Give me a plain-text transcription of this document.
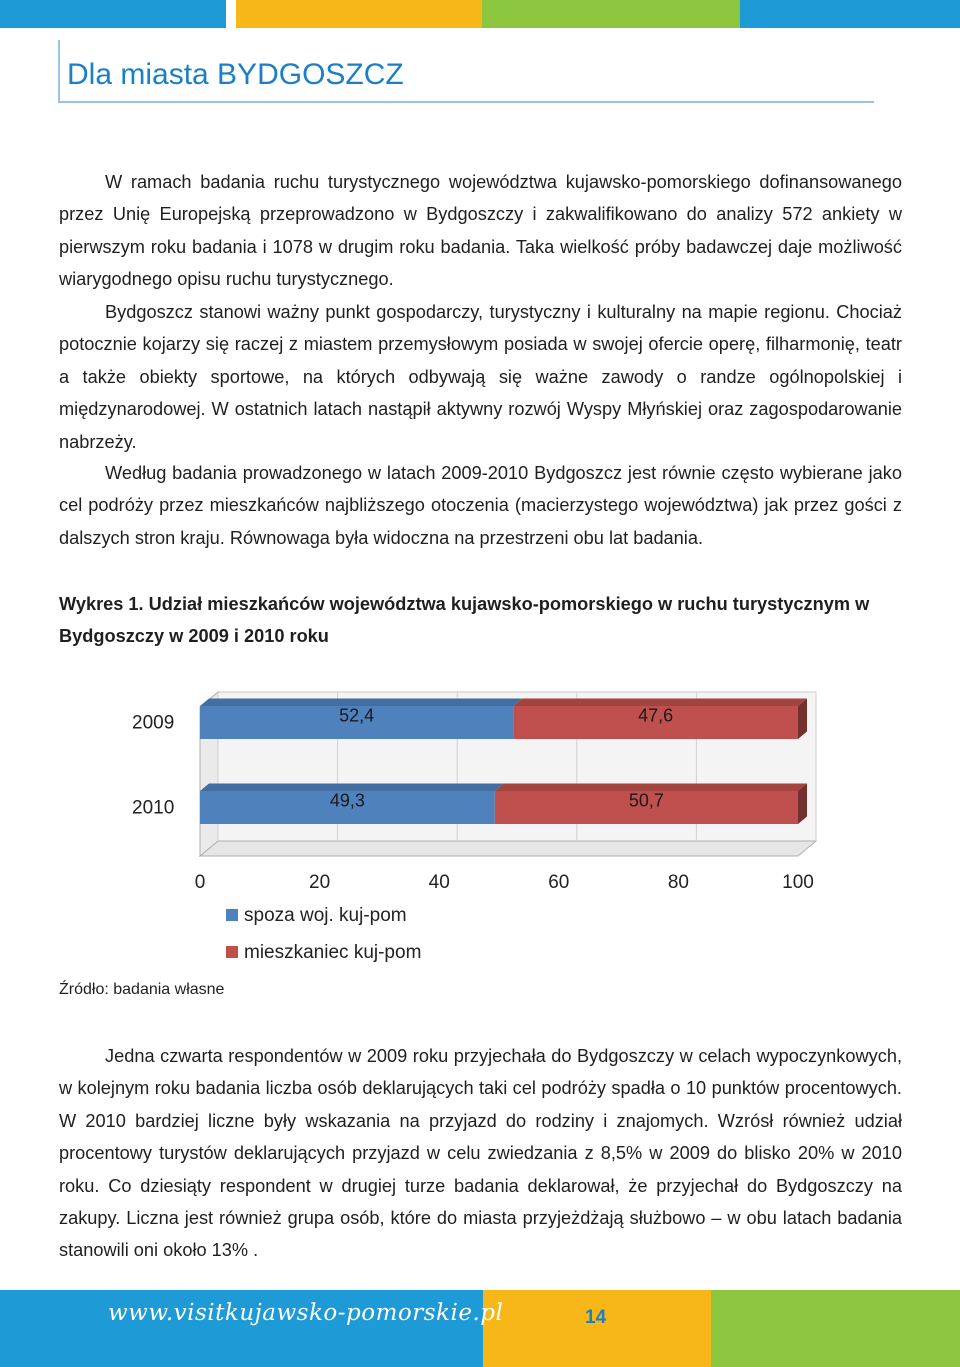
Dla miasta BYDGOSZCZ

W ramach badania ruchu turystycznego województwa kujawsko-pomorskiego dofinansowanego przez Unię Europejską przeprowadzono w Bydgoszczy i zakwalifikowano do analizy 572 ankiety w pierwszym roku badania i 1078 w drugim roku badania. Taka wielkość próby badawczej daje możliwość wiarygodnego opisu ruchu turystycznego.

Bydgoszcz stanowi ważny punkt gospodarczy, turystyczny i kulturalny na mapie regionu. Chociaż potocznie kojarzy się raczej z miastem przemysłowym posiada w swojej ofercie operę, filharmonię, teatr a także obiekty sportowe, na których odbywają się ważne zawody o randze ogólnopolskiej i międzynarodowej. W ostatnich latach nastąpił aktywny rozwój Wyspy Młyńskiej oraz zagospodarowanie nabrzeży.

Według badania prowadzonego w latach 2009-2010 Bydgoszcz jest równie często wybierane jako cel podróży przez mieszkańców najbliższego otoczenia (macierzystego województwa) jak przez gości z dalszych stron kraju. Równowaga była widoczna na przestrzeni obu lat badania.

Wykres 1. Udział mieszkańców województwa kujawsko-pomorskiego w ruchu turystycznym w Bydgoszczy w 2009 i 2010 roku
2009	52,4	47,6
2010	49,3	50,7
0	20	40	60	80	100
spoza woj. kuj-pom
mieszkaniec kuj-pom
Źródło: badania własne

Jedna czwarta respondentów w 2009 roku przyjechała do Bydgoszczy w celach wypoczynkowych, w kolejnym roku badania liczba osób deklarujących taki cel podróży spadła o 10 punktów procentowych. W 2010 bardziej liczne były wskazania na przyjazd do rodziny i znajomych. Wzrósł również udział procentowy turystów deklarujących przyjazd w celu zwiedzania z 8,5% w 2009 do blisko 20% w 2010 roku. Co dziesiąty respondent w drugiej turze badania deklarował, że przyjechał do Bydgoszczy na zakupy. Liczna jest również grupa osób, które do miasta przyjeżdżają służbowo – w obu latach badania stanowili oni około 13% .

www.visitkujawsko-pomorskie.pl	14
